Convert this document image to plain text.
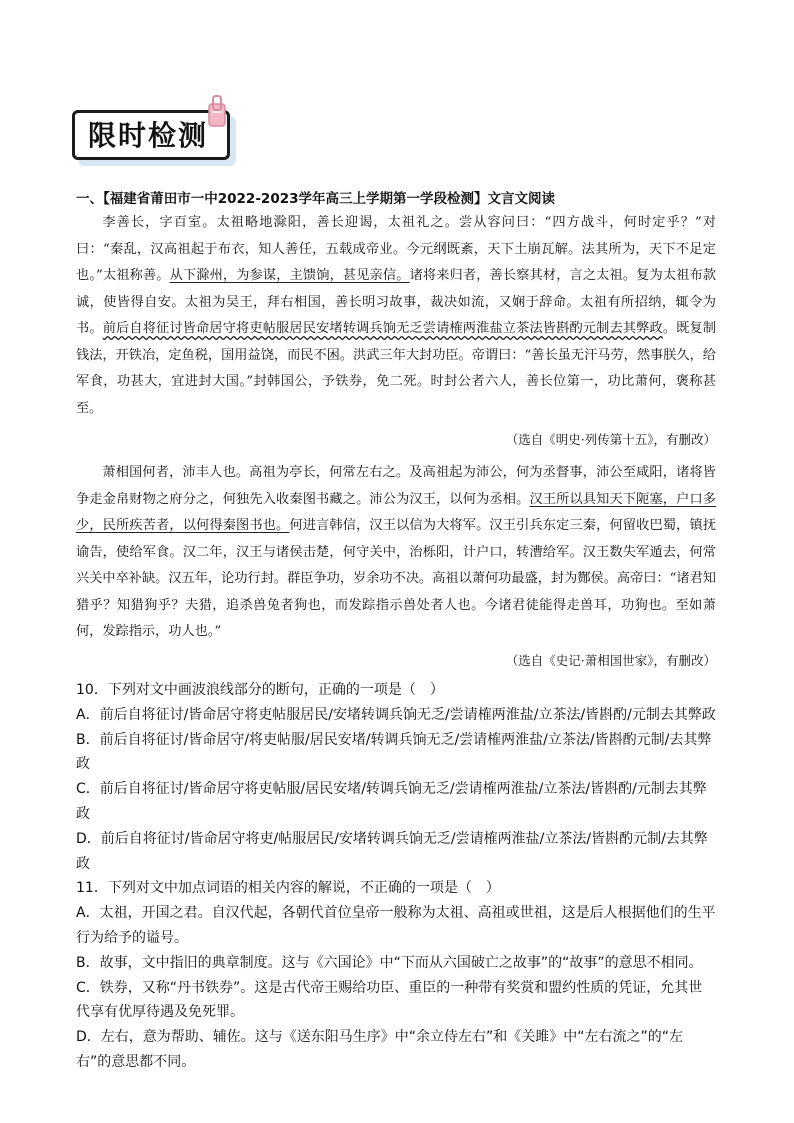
限时检测
一、【福建省莆田市一中2022-2023学年高三上学期第一学段检测】文言文阅读
李善长，字百室。太祖略地滁阳，善长迎谒，太祖礼之。尝从容问曰：“四方战斗，何时定乎？”对曰：“秦乱，汉高祖起于布衣，知人善任，五载成帝业。今元纲既紊，天下土崩瓦解。法其所为，天下不足定也。”太祖称善。从下滁州，为参谋，主馈饷，甚见亲信。诸将来归者，善长察其材，言之太祖。复为太祖布款诚，使皆得自安。太祖为吴王，拜右相国，善长明习故事，裁决如流，又娴于辞命。太祖有所招纳，辄令为书。前后自将征讨皆命居守将吏帖服居民安堵转调兵饷无乏尝请榷两淮盐立茶法皆斟酌元制去其弊政。既复制钱法，开铁冶，定鱼税，国用益饶，而民不困。洪武三年大封功臣。帝谓曰：“善长虽无汗马劳，然事朕久，给军食，功甚大，宜进封大国。”封韩国公，予铁券，免二死。时封公者六人，善长位第一，功比萧何，褒称甚至。
（选自《明史·列传第十五》，有删改）
萧相国何者，沛丰人也。高祖为亭长，何常左右之。及高祖起为沛公，何为丞督事，沛公至咸阳，诸将皆争走金帛财物之府分之，何独先入收秦图书藏之。沛公为汉王，以何为丞相。汉王所以具知天下阨塞，户口多少，民所疾苦者，以何得秦图书也。何进言韩信，汉王以信为大将军。汉王引兵东定三秦，何留收巴蜀，镇抚谕告，使给军食。汉二年，汉王与诸侯击楚，何守关中，治栎阳，计户口，转漕给军。汉王数失军遁去，何常兴关中卒补缺。汉五年，论功行封。群臣争功，岁余功不决。高祖以萧何功最盛，封为酂侯。高帝曰：“诸君知猎乎？知猎狗乎？夫猎，追杀兽兔者狗也，而发踪指示兽处者人也。今诸君徒能得走兽耳，功狗也。至如萧何，发踪指示，功人也。”
（选自《史记·萧相国世家》，有删改）

10．下列对文中画波浪线部分的断句，正确的一项是（　）

A．前后自将征讨/皆命居守将吏帖服居民/安堵转调兵饷无乏/尝请榷两淮盐/立茶法/皆斟酌/元制去其弊政

B．前后自将征讨/皆命居守/将吏帖服/居民安堵/转调兵饷无乏/尝请榷两淮盐/立茶法/皆斟酌元制/去其弊政

C．前后自将征讨/皆命居守将吏帖服/居民安堵/转调兵饷无乏/尝请榷两淮盐/立茶法/皆斟酌/元制去其弊政

D．前后自将征讨/皆命居守将吏/帖服居民/安堵转调兵饷无乏/尝请榷两淮盐/立茶法/皆斟酌元制/去其弊政

11．下列对文中加点词语的相关内容的解说，不正确的一项是（　）

A．太祖，开国之君。自汉代起，各朝代首位皇帝一般称为太祖、高祖或世祖，这是后人根据他们的生平行为给予的谥号。

B．故事，文中指旧的典章制度。这与《六国论》中“下而从六国破亡之故事”的“故事”的意思不相同。

C．铁券，又称“丹书铁券”。这是古代帝王赐给功臣、重臣的一种带有奖赏和盟约性质的凭证，允其世代享有优厚待遇及免死罪。

D．左右，意为帮助、辅佐。这与《送东阳马生序》中“余立侍左右”和《关雎》中“左右流之”的“左右”的意思都不同。
